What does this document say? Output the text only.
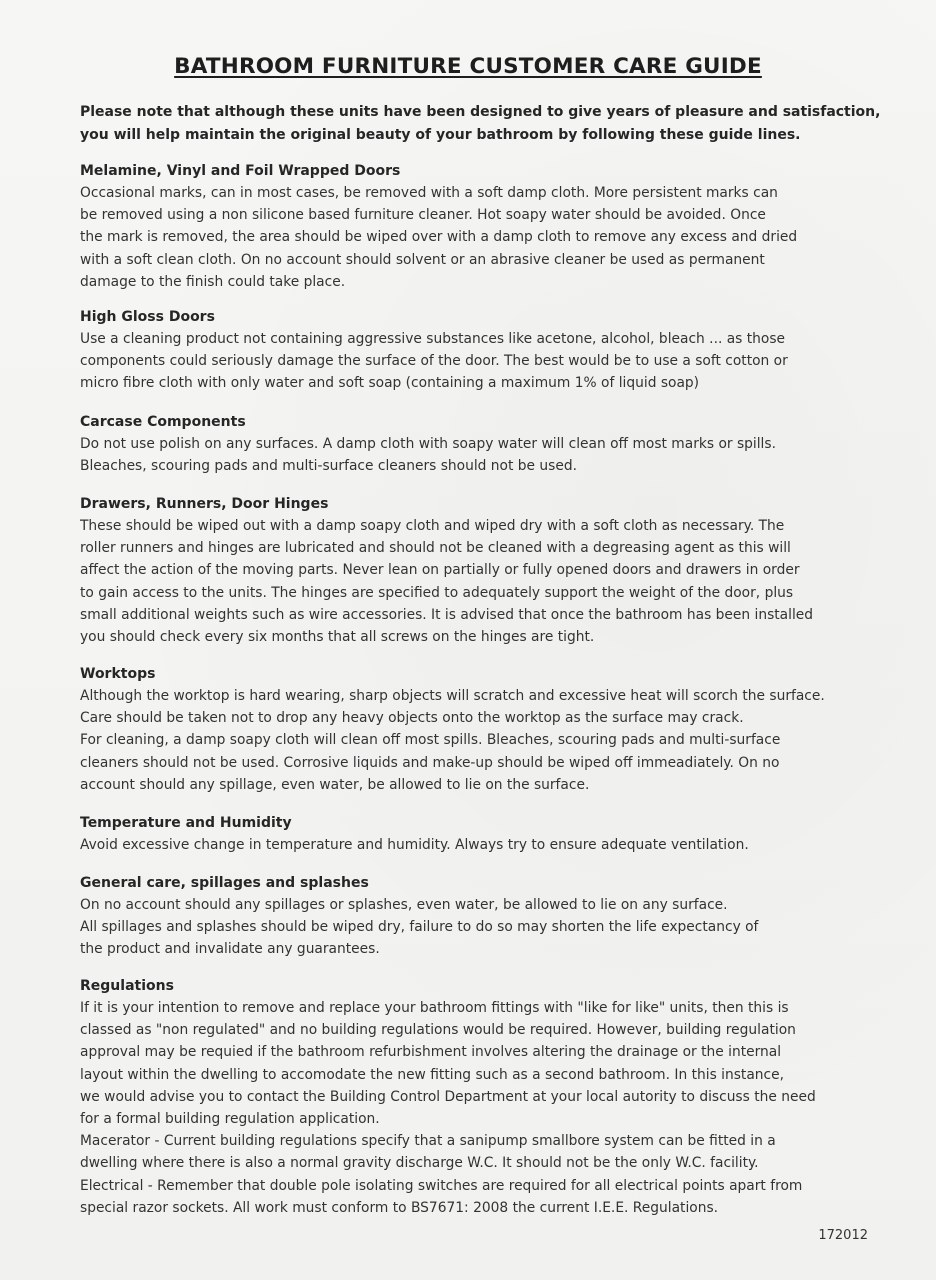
BATHROOM FURNITURE CUSTOMER CARE GUIDE

Please note that although these units have been designed to give years of pleasure and satisfaction,
you will help maintain the original beauty of your bathroom by following these guide lines.

Melamine, Vinyl and Foil Wrapped Doors
Occasional marks, can in most cases, be removed with a soft damp cloth. More persistent marks can
be removed using a non silicone based furniture cleaner. Hot soapy water should be avoided. Once
the mark is removed, the area should be wiped over with a damp cloth to remove any excess and dried
with a soft clean cloth. On no account should solvent or an abrasive cleaner be used as permanent
damage to the finish could take place.
High Gloss Doors
Use a cleaning product not containing aggressive substances like acetone, alcohol, bleach ... as those
components could seriously damage the surface of the door. The best would be to use a soft cotton or
micro fibre cloth with only water and soft soap (containing a maximum 1% of liquid soap)
Carcase Components
Do not use polish on any surfaces. A damp cloth with soapy water will clean off most marks or spills.
Bleaches, scouring pads and multi-surface cleaners should not be used.
Drawers, Runners, Door Hinges
These should be wiped out with a damp soapy cloth and wiped dry with a soft cloth as necessary. The
roller runners and hinges are lubricated and should not be cleaned with a degreasing agent as this will
affect the action of the moving parts. Never lean on partially or fully opened doors and drawers in order
to gain access to the units. The hinges are specified to adequately support the weight of the door, plus
small additional weights such as wire accessories. It is advised that once the bathroom has been installed
you should check every six months that all screws on the hinges are tight.
Worktops
Although the worktop is hard wearing, sharp objects will scratch and excessive heat will scorch the surface.
Care should be taken not to drop any heavy objects onto the worktop as the surface may crack.
For cleaning, a damp soapy cloth will clean off most spills. Bleaches, scouring pads and multi-surface
cleaners should not be used. Corrosive liquids and make-up should be wiped off immeadiately. On no
account should any spillage, even water, be allowed to lie on the surface.
Temperature and Humidity
Avoid excessive change in temperature and humidity. Always try to ensure adequate ventilation.
General care, spillages and splashes
On no account should any spillages or splashes, even water, be allowed to lie on any surface.
All spillages and splashes should be wiped dry, failure to do so may shorten the life expectancy of
the product and invalidate any guarantees.
Regulations
If it is your intention to remove and replace your bathroom fittings with "like for like" units, then this is
classed as "non regulated" and no building regulations would be required. However, building regulation
approval may be requied if the bathroom refurbishment involves altering the drainage or the internal
layout within the dwelling to accomodate the new fitting such as a second bathroom. In this instance,
we would advise you to contact the Building Control Department at your local autority to discuss the need
for a formal building regulation application.
Macerator - Current building regulations specify that a sanipump smallbore system can be fitted in a
dwelling where there is also a normal gravity discharge W.C. It should not be the only W.C. facility.
Electrical - Remember that double pole isolating switches are required for all electrical points apart from
special razor sockets. All work must conform to BS7671: 2008 the current I.E.E. Regulations.
172012
